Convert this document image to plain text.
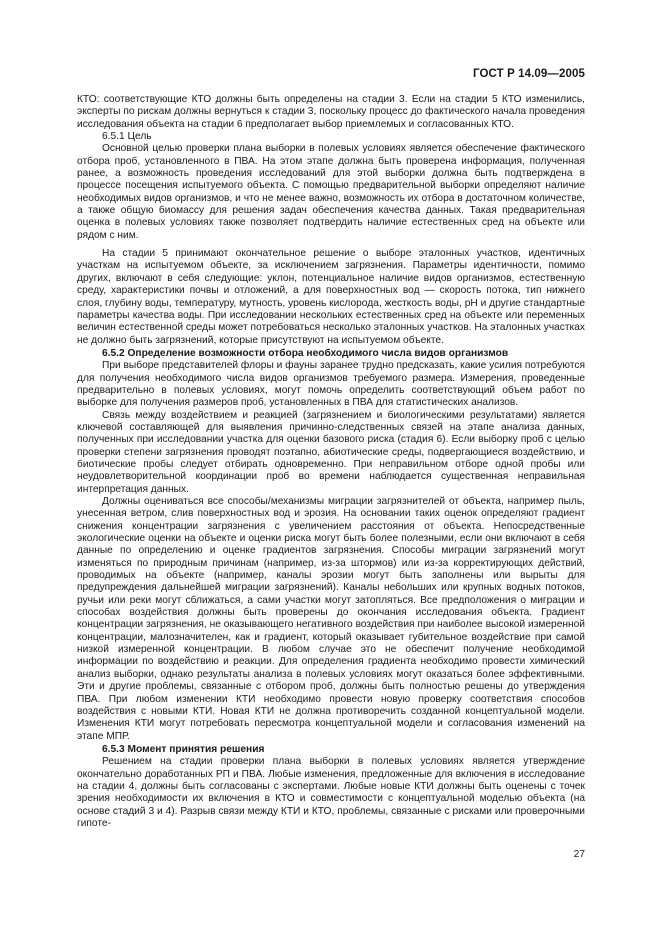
ГОСТ Р 14.09—2005

КТО: соответствующие КТО должны быть определены на стадии 3. Если на стадии 5 КТО изменились, эксперты по рискам должны вернуться к стадии 3, поскольку процесс до фактического начала проведения исследования объекта на стадии 6 предполагает выбор приемлемых и согласованных КТО.

6.5.1 Цель

Основной целью проверки плана выборки в полевых условиях является обеспечение фактического отбора проб, установленного в ПВА. На этом этапе должна быть проверена информация, полученная ранее, а возможность проведения исследований для этой выборки должна быть подтверждена в процессе посещения испытуемого объекта. С помощью предварительной выборки определяют наличие необходимых видов организмов, и что не менее важно, возможность их отбора в достаточном количестве, а также общую биомассу для решения задач обеспечения качества данных. Такая предварительная оценка в полевых условиях также позволяет подтвердить наличие естественных сред на объекте или рядом с ним.

На стадии 5 принимают окончательное решение о выборе эталонных участков, идентичных участкам на испытуемом объекте, за исключением загрязнения. Параметры идентичности, помимо других, включают в себя следующие: уклон, потенциальное наличие видов организмов, естественную среду, характеристики почвы и отложений, а для поверхностных вод — скорость потока, тип нижнего слоя, глубину воды, температуру, мутность, уровень кислорода, жесткость воды, pH и другие стандартные параметры качества воды. При исследовании нескольких естественных сред на объекте или переменных величин естественной среды может потребоваться несколько эталонных участков. На эталонных участках не должно быть загрязнений, которые присутствуют на испытуемом объекте.

6.5.2 Определение возможности отбора необходимого числа видов организмов

При выборе представителей флоры и фауны заранее трудно предсказать, какие усилия потребуются для получения необходимого числа видов организмов требуемого размера. Измерения, проведенные предварительно в полевых условиях, могут помочь определить соответствующий объем работ по выборке для получения размеров проб, установленных в ПВА для статистических анализов.

Связь между воздействием и реакцией (загрязнением и биологическими результатами) является ключевой составляющей для выявления причинно-следственных связей на этапе анализа данных, полученных при исследовании участка для оценки базового риска (стадия 6). Если выборку проб с целью проверки степени загрязнения проводят поэтапно, абиотические среды, подвергающиеся воздействию, и биотические пробы следует отбирать одновременно. При неправильном отборе одной пробы или неудовлетворительной координации проб во времени наблюдается существенная неправильная интерпретация данных.

Должны оцениваться все способы/механизмы миграции загрязнителей от объекта, например пыль, унесенная ветром, слив поверхностных вод и эрозия. На основании таких оценок определяют градиент снижения концентрации загрязнения с увеличением расстояния от объекта. Непосредственные экологические оценки на объекте и оценки риска могут быть более полезными, если они включают в себя данные по определению и оценке градиентов загрязнения. Способы миграции загрязнений могут изменяться по природным причинам (например, из-за штормов) или из-за корректирующих действий, проводимых на объекте (например, каналы эрозии могут быть заполнены или вырыты для предупреждения дальнейшей миграции загрязнений). Каналы небольших или крупных водных потоков, ручьи или реки могут сближаться, а сами участки могут затопляться. Все предположения о миграции и способах воздействия должны быть проверены до окончания исследования объекта. Градиент концентрации загрязнения, не оказывающего негативного воздействия при наиболее высокой измеренной концентрации, малозначителен, как и градиент, который оказывает губительное воздействие при самой низкой измеренной концентрации. В любом случае это не обеспечит получение необходимой информации по воздействию и реакции. Для определения градиента необходимо провести химический анализ выборки, однако результаты анализа в полевых условиях могут оказаться более эффективными. Эти и другие проблемы, связанные с отбором проб, должны быть полностью решены до утверждения ПВА. При любом изменении КТИ необходимо провести новую проверку соответствия способов воздействия с новыми КТИ. Новая КТИ не должна противоречить созданной концептуальной модели. Изменения КТИ могут потребовать пересмотра концептуальной модели и согласования изменений на этапе МПР.

6.5.3 Момент принятия решения

Решением на стадии проверки плана выборки в полевых условиях является утверждение окончательно доработанных РП и ПВА. Любые изменения, предложенные для включения в исследование на стадии 4, должны быть согласованы с экспертами. Любые новые КТИ должны быть оценены с точек зрения необходимости их включения в КТО и совместимости с концептуальной моделью объекта (на основе стадий 3 и 4). Разрыв связи между КТИ и КТО, проблемы, связанные с рисками или проверочными гипоте-

27
